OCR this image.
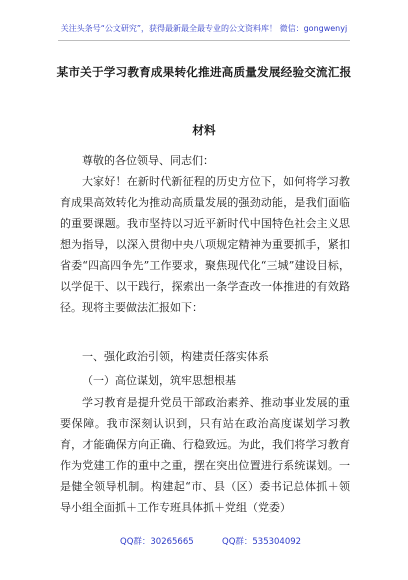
关注头条号“公文研究”，获得最新最全最专业的公文资料库！ 微信：gongwenyj
某市关于学习教育成果转化推进高质量发展经验交流汇报
材料
尊敬的各位领导、同志们：

大家好！在新时代新征程的历史方位下，如何将学习教育成果高效转化为推动高质量发展的强劲动能，是我们面临的重要课题。我市坚持以习近平新时代中国特色社会主义思想为指导，以深入贯彻中央八项规定精神为重要抓手，紧扣省委“四高四争先”工作要求，聚焦现代化“三城”建设目标，以学促干、以干践行，探索出一条学查改一体推进的有效路径。现将主要做法汇报如下：

一、强化政治引领，构建责任落实体系
（一）高位谋划，筑牢思想根基

学习教育是提升党员干部政治素养、推动事业发展的重要保障。我市深刻认识到，只有站在政治高度谋划学习教育，才能确保方向正确、行稳致远。为此，我们将学习教育作为党建工作的重中之重，摆在突出位置进行系统谋划。一是健全领导机制。构建起“市、县（区）委书记总体抓＋领导小组全面抓＋工作专班具体抓＋党组（党委）

QQ群：30265665	QQ群：535304092
